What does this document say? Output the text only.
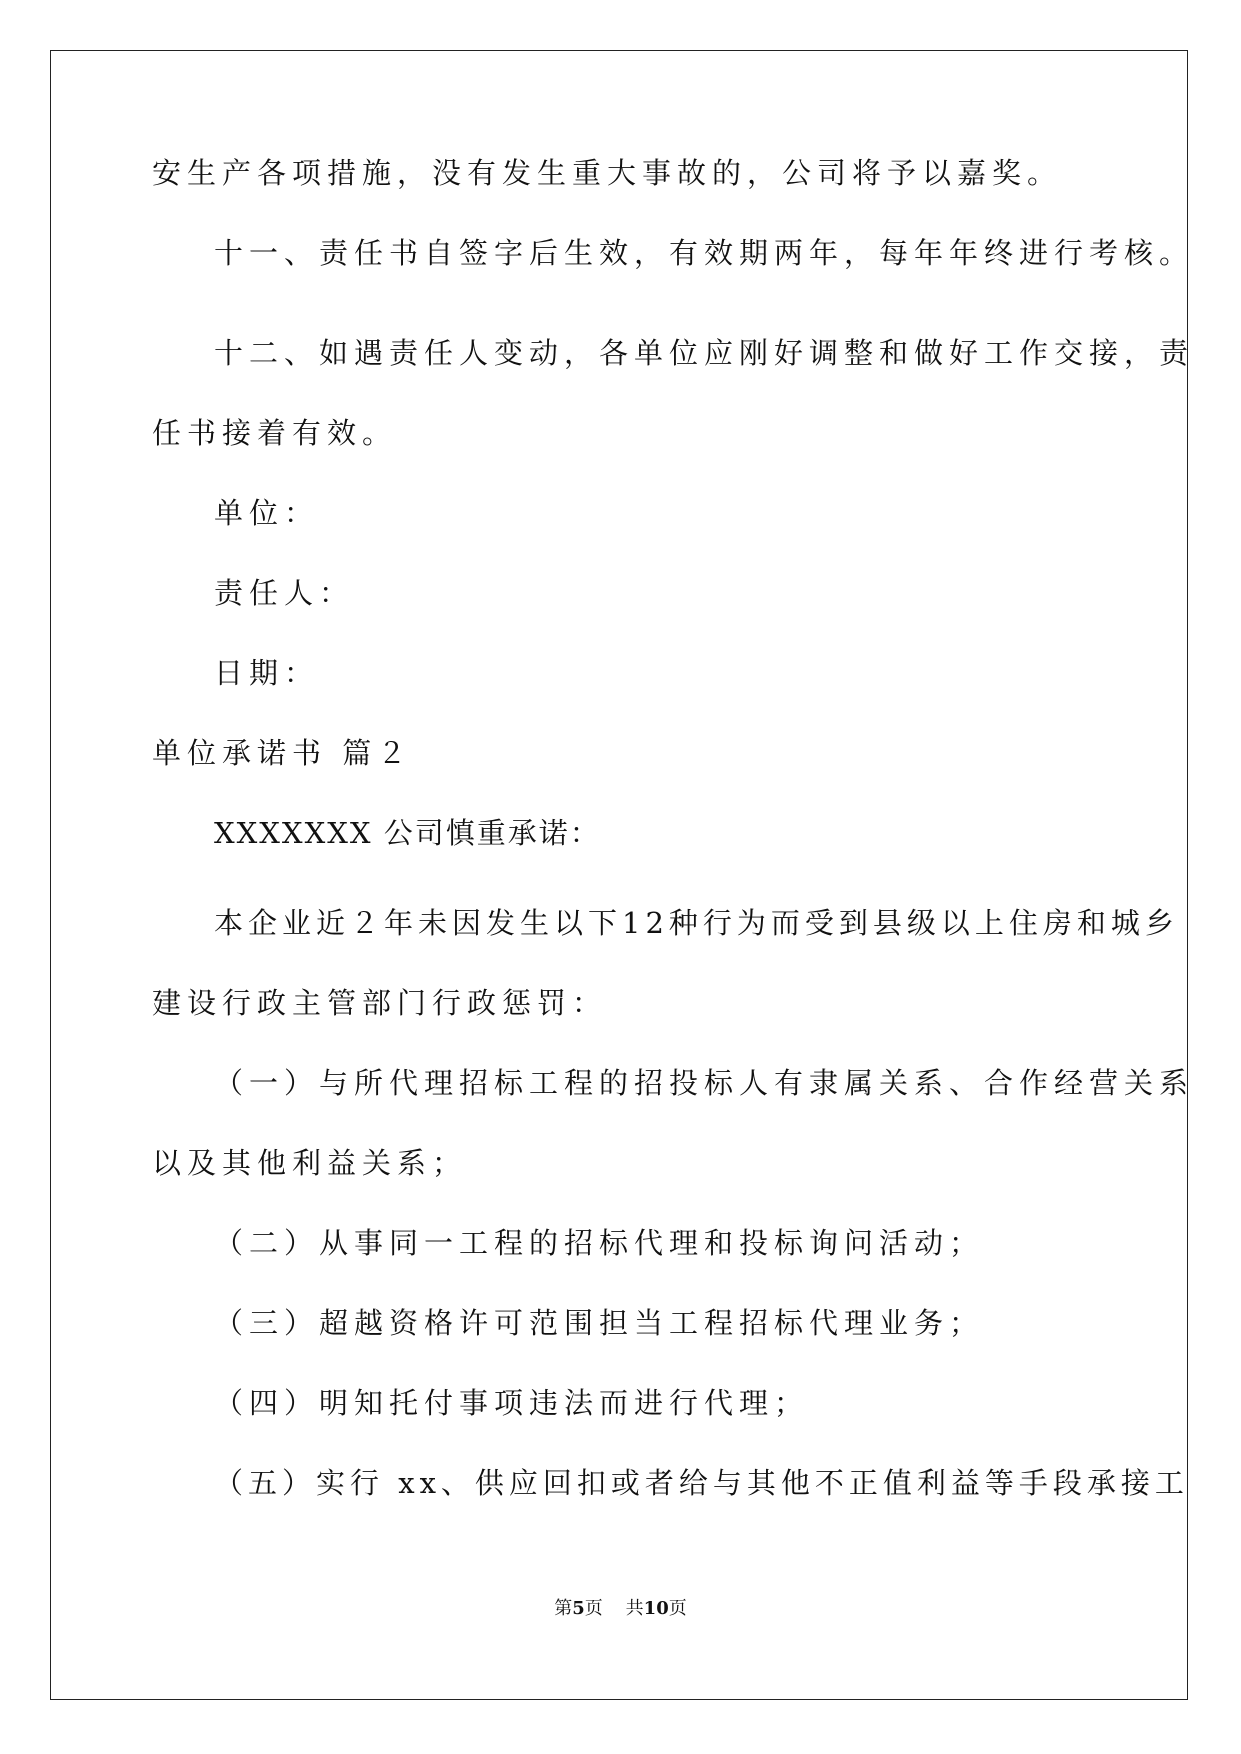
安生产各项措施，没有发生重大事故的，公司将予以嘉奖。
十一、责任书自签字后生效，有效期两年，每年年终进行考核。
十二、如遇责任人变动，各单位应刚好调整和做好工作交接，责
任书接着有效。
单位：
责任人：
日期：
单位承诺书 篇２
XXXXXXX 公司慎重承诺：
本企业近２年未因发生以下12种行为而受到县级以上住房和城乡
建设行政主管部门行政惩罚：
（一）与所代理招标工程的招投标人有隶属关系、合作经营关系
以及其他利益关系；
（二）从事同一工程的招标代理和投标询问活动；
（三）超越资格许可范围担当工程招标代理业务；
（四）明知托付事项违法而进行代理；
（五）实行 xx、供应回扣或者给与其他不正值利益等手段承接工
第5页 共10页
